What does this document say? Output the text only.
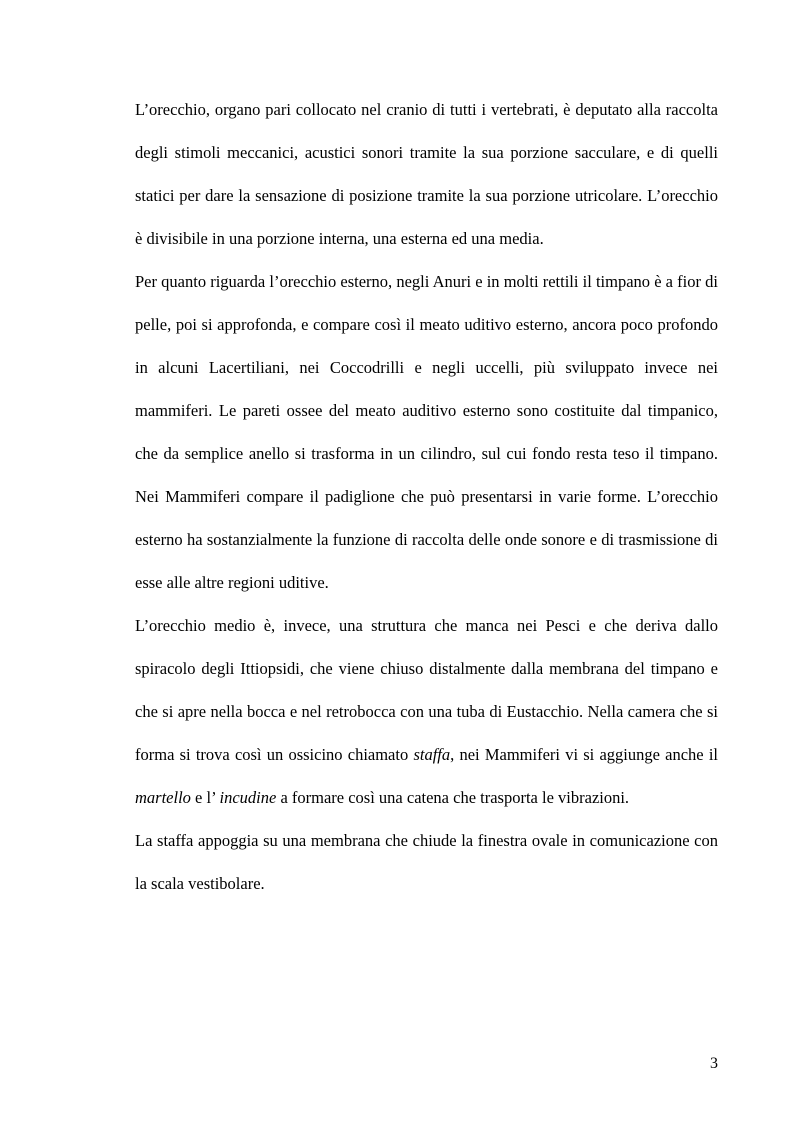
L’orecchio, organo pari collocato nel cranio di tutti i vertebrati, è deputato alla raccolta degli stimoli meccanici, acustici sonori tramite la sua porzione sacculare, e di quelli statici per dare la sensazione di posizione tramite la sua porzione utricolare. L’orecchio è divisibile in una porzione interna, una esterna ed una media.

Per quanto riguarda l’orecchio esterno, negli Anuri e in molti rettili il timpano è a fior di pelle, poi si approfonda, e compare così il meato uditivo esterno, ancora poco profondo in alcuni Lacertiliani, nei Coccodrilli e negli uccelli, più sviluppato invece nei mammiferi. Le pareti ossee del meato auditivo esterno sono costituite dal timpanico, che da semplice anello si trasforma in un cilindro, sul cui fondo resta teso il timpano. Nei Mammiferi compare il padiglione che può presentarsi in varie forme. L’orecchio esterno ha sostanzialmente la funzione di raccolta delle onde sonore e di trasmissione di esse alle altre regioni uditive.

L’orecchio medio è, invece, una struttura che manca nei Pesci e che deriva dallo spiracolo degli Ittiopsidi, che viene chiuso distalmente dalla membrana del timpano e che si apre nella bocca e nel retrobocca con una tuba di Eustacchio. Nella camera che si forma si trova così un ossicino chiamato staffa, nei Mammiferi vi si aggiunge anche il martello e l’ incudine a formare così una catena che trasporta le vibrazioni.

La staffa appoggia su una membrana che chiude la finestra ovale in comunicazione con la scala vestibolare.

3
